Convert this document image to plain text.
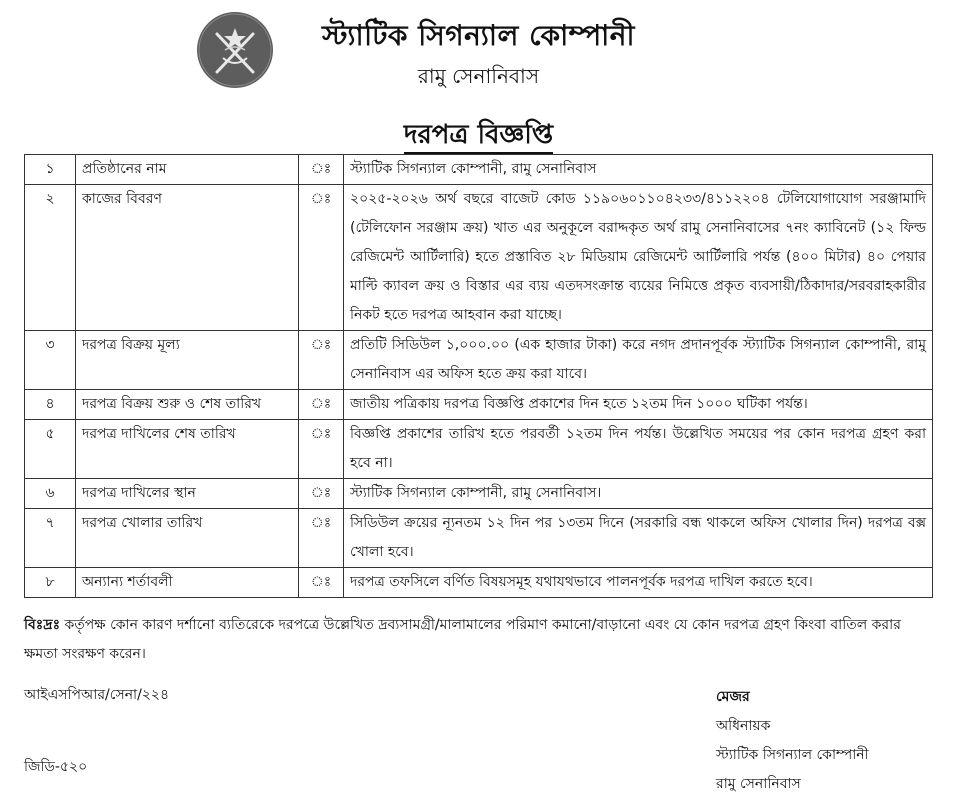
স্ট্যাটিক সিগন্যাল কোম্পানী
রামু সেনানিবাস
দরপত্র বিজ্ঞপ্তি
১	প্রতিষ্ঠানের নাম	ঃ	স্ট্যাটিক সিগন্যাল কোম্পানী, রামু সেনানিবাস
২	কাজের বিবরণ	ঃ	২০২৫-২০২৬ অর্থ বছরে বাজেট কোড ১১৯০৬০১১০৪২৩৩/৪১১২২০৪ টেলিযোগাযোগ সরঞ্জামাদি (টেলিফোন সরঞ্জাম ক্রয়) খাত এর অনুকূলে বরাদ্দকৃত অর্থ রামু সেনানিবাসের ৭নং ক্যাবিনেট (১২ ফিল্ড রেজিমেন্ট আর্টিলারি) হতে প্রস্তাবিত ২৮ মিডিয়াম রেজিমেন্ট আর্টিলারি পর্যন্ত (৪০০ মিটার) ৪০ পেয়ার মাল্টি ক্যাবল ক্রয় ও বিস্তার এর ব্যয় এতদসংক্রান্ত ব্যয়ের নিমিত্তে প্রকৃত ব্যবসায়ী/ঠিকাদার/সরবরাহকারীর নিকট হতে দরপত্র আহবান করা যাচ্ছে।
৩	দরপত্র বিক্রয় মূল্য	ঃ	প্রতিটি সিডিউল ১,০০০.০০ (এক হাজার টাকা) করে নগদ প্রদানপূর্বক স্ট্যাটিক সিগন্যাল কোম্পানী, রামু সেনানিবাস এর অফিস হতে ক্রয় করা যাবে।
৪	দরপত্র বিক্রয় শুরু ও শেষ তারিখ	ঃ	জাতীয় পত্রিকায় দরপত্র বিজ্ঞপ্তি প্রকাশের দিন হতে ১২তম দিন ১০০০ ঘটিকা পর্যন্ত।
৫	দরপত্র দাখিলের শেষ তারিখ	ঃ	বিজ্ঞপ্তি প্রকাশের তারিখ হতে পরবর্তী ১২তম দিন পর্যন্ত। উল্লেখিত সময়ের পর কোন দরপত্র গ্রহণ করা হবে না।
৬	দরপত্র দাখিলের স্থান	ঃ	স্ট্যাটিক সিগন্যাল কোম্পানী, রামু সেনানিবাস।
৭	দরপত্র খোলার তারিখ	ঃ	সিডিউল ক্রয়ের ন্যূনতম ১২ দিন পর ১৩তম দিনে (সরকারি বন্ধ থাকলে অফিস খোলার দিন) দরপত্র বক্স খোলা হবে।
৮	অন্যান্য শর্তাবলী	ঃ	দরপত্র তফসিলে বর্ণিত বিষয়সমূহ যথাযথভাবে পালনপূর্বক দরপত্র দাখিল করতে হবে।
বিঃদ্রঃ কর্তৃপক্ষ কোন কারণ দর্শানো ব্যতিরেকে দরপত্রে উল্লেখিত দ্রব্যসামগ্রী/মালামালের পরিমাণ কমানো/বাড়ানো এবং যে কোন দরপত্র গ্রহণ কিংবা বাতিল করার ক্ষমতা সংরক্ষণ করেন।
আইএসপিআর/সেনা/২২৪
জিডি-৫২০
মেজর
অধিনায়ক
স্ট্যাটিক সিগন্যাল কোম্পানী
রামু সেনানিবাস
